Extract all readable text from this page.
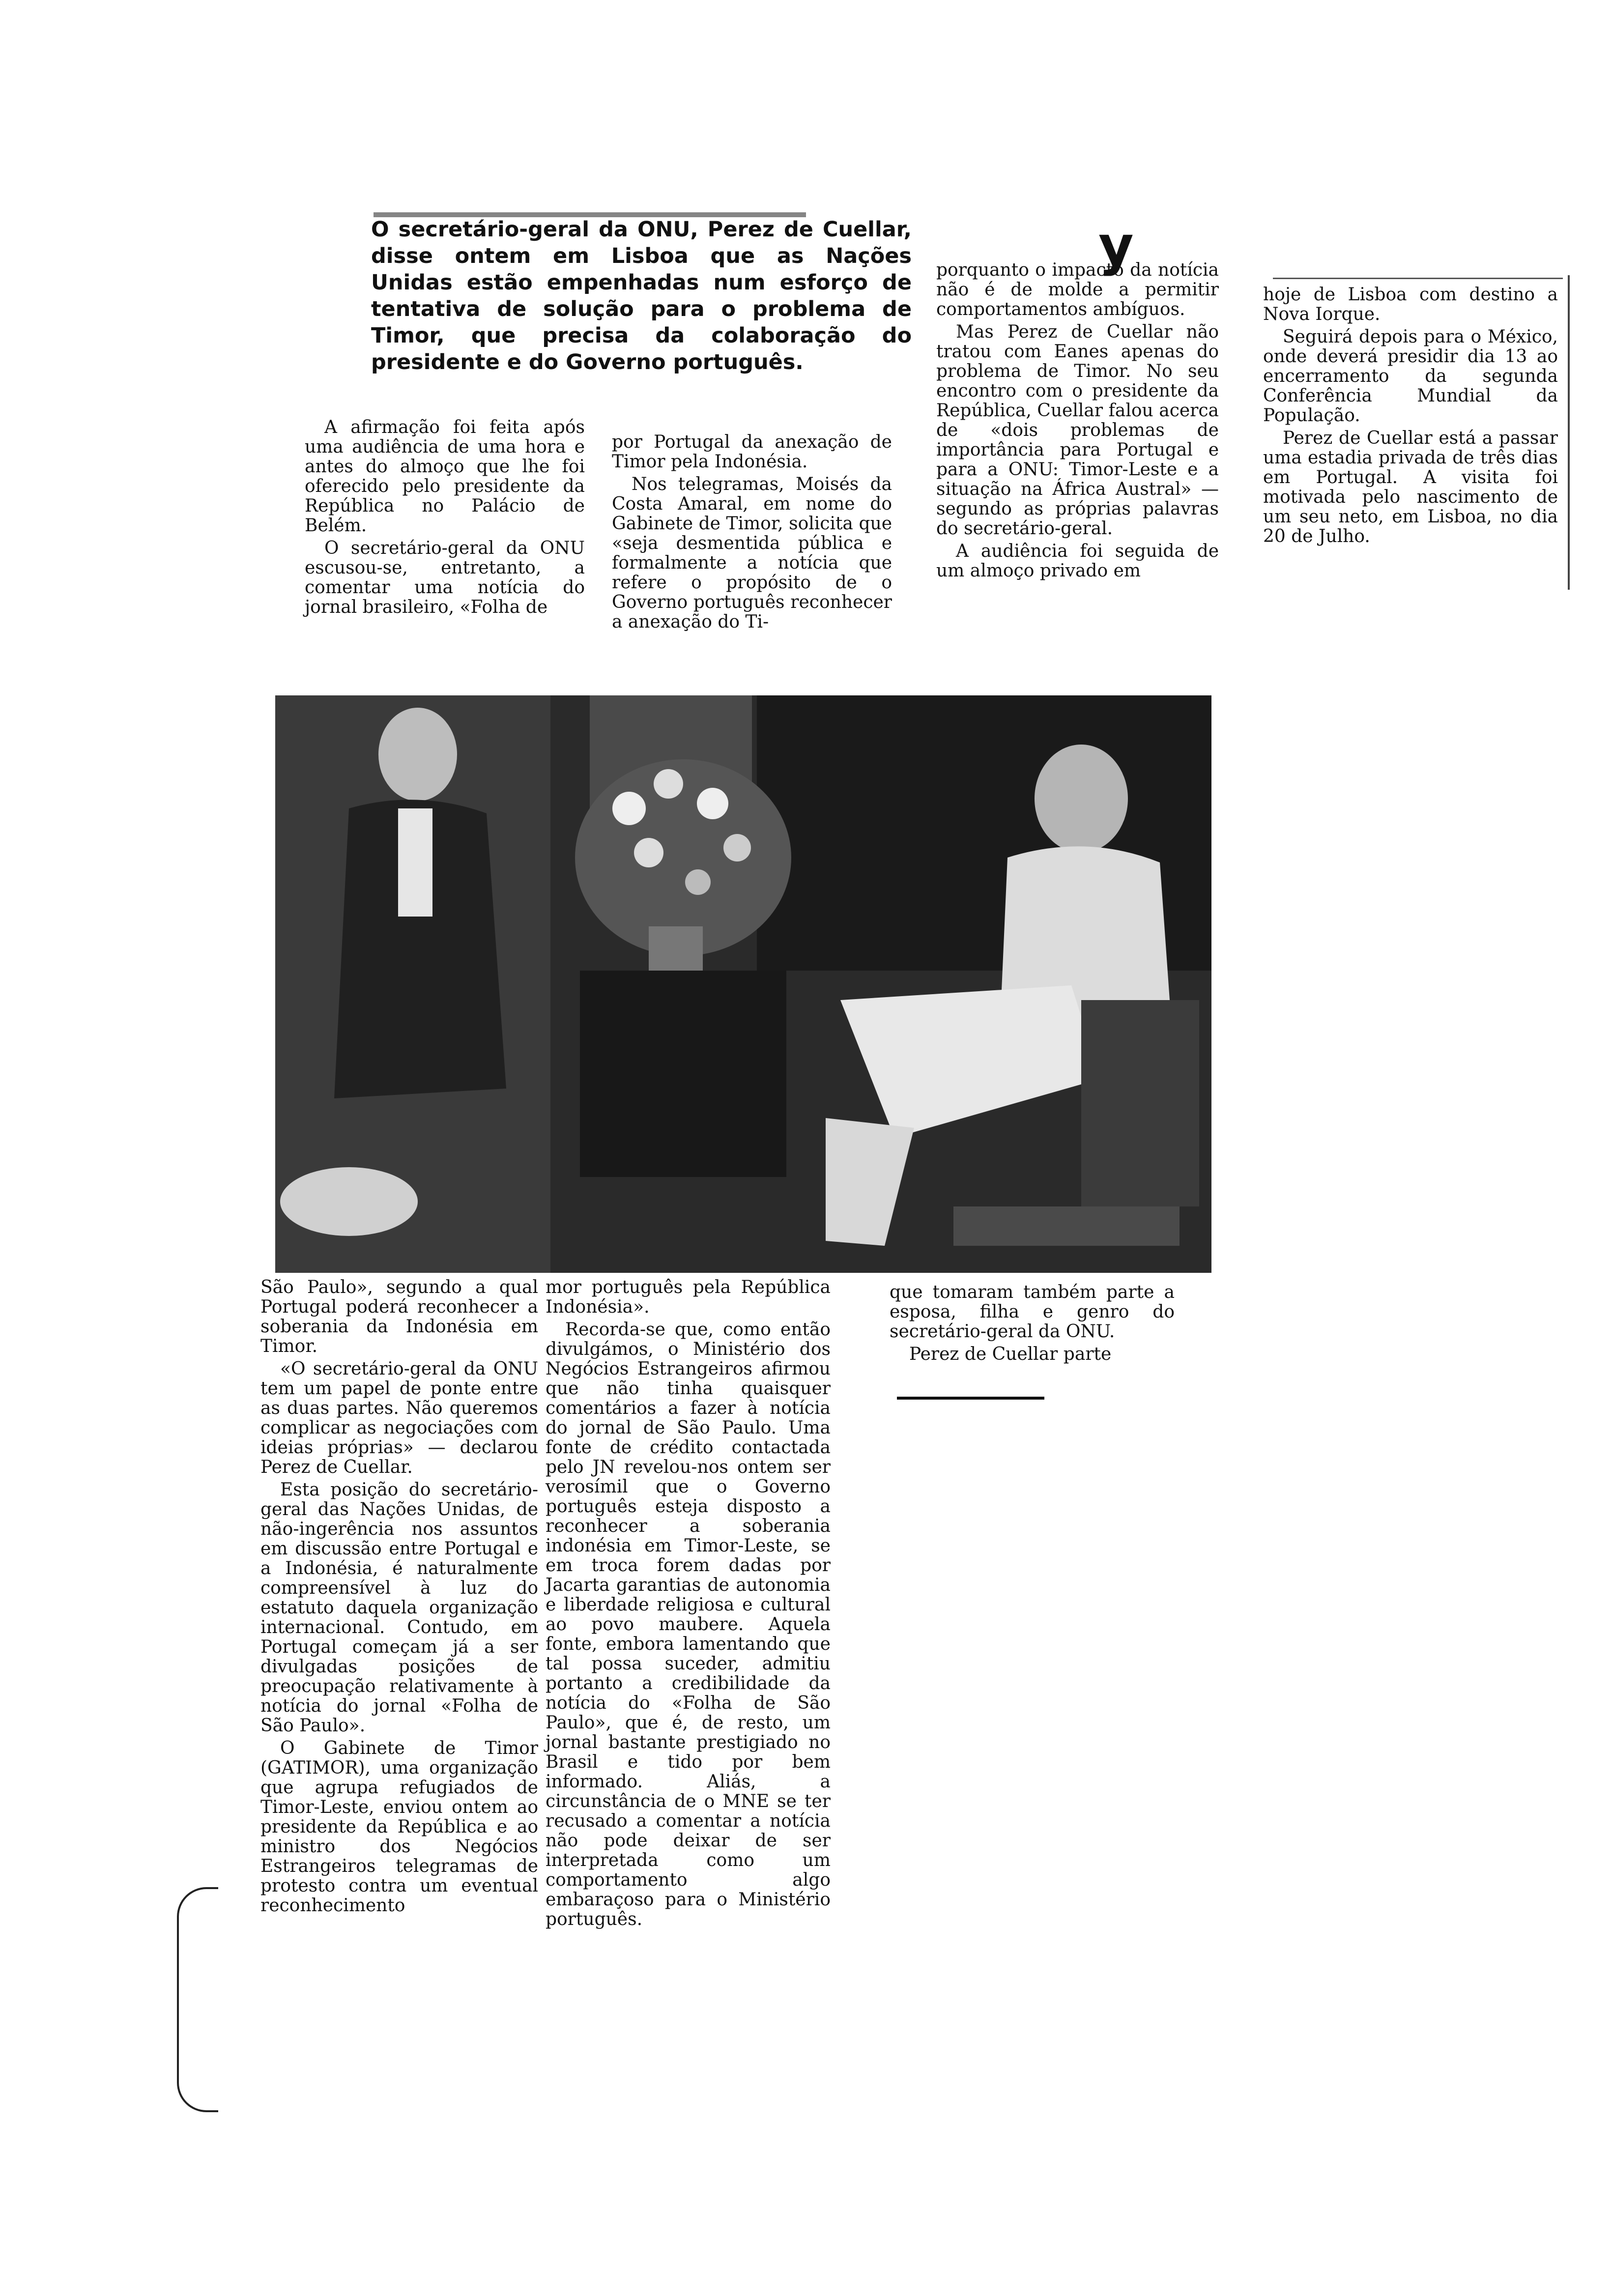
O secretário-geral da ONU, Perez de Cuellar, disse ontem em Lisboa que as Nações Unidas estão empenhadas num esforço de tentativa de solução para o problema de Timor, que precisa da colaboração do presidente e do Governo português.

y

A afirmação foi feita após uma audiência de uma hora e antes do almoço que lhe foi oferecido pelo presidente da República no Palácio de Belém.

O secretário-geral da ONU escusou-se, entretanto, a comentar uma notícia do jornal brasileiro, «Folha de

por Portugal da anexação de Timor pela Indonésia.

Nos telegramas, Moisés da Costa Amaral, em nome do Gabinete de Timor, solicita que «seja desmentida pública e formalmente a notícia que refere o propósito de o Governo português reconhecer a anexação do Ti-

porquanto o impacto da notícia não é de molde a permitir comportamentos ambíguos.

Mas Perez de Cuellar não tratou com Eanes apenas do problema de Timor. No seu encontro com o presidente da República, Cuellar falou acerca de «dois problemas de importância para Portugal e para a ONU: Timor-Leste e a situação na África Austral» — segundo as próprias palavras do secretário-geral.

A audiência foi seguida de um almoço privado em

hoje de Lisboa com destino a Nova Iorque.

Seguirá depois para o México, onde deverá presidir dia 13 ao encerramento da segunda Conferência Mundial da População.

Perez de Cuellar está a passar uma estadia privada de três dias em Portugal. A visita foi motivada pelo nascimento de um seu neto, em Lisboa, no dia 20 de Julho.

São Paulo», segundo a qual Portugal poderá reconhecer a soberania da Indonésia em Timor.

«O secretário-geral da ONU tem um papel de ponte entre as duas partes. Não queremos complicar as negociações com ideias próprias» — declarou Perez de Cuellar.

Esta posição do secretário-geral das Nações Unidas, de não-ingerência nos assuntos em discussão entre Portugal e a Indonésia, é naturalmente compreensível à luz do estatuto daquela organização internacional. Contudo, em Portugal começam já a ser divulgadas posições de preocupação relativamente à notícia do jornal «Folha de São Paulo».

O Gabinete de Timor (GATIMOR), uma organização que agrupa refugiados de Timor-Leste, enviou ontem ao presidente da República e ao ministro dos Negócios Estrangeiros telegramas de protesto contra um eventual reconhecimento

mor português pela República Indonésia».

Recorda-se que, como então divulgámos, o Ministério dos Negócios Estrangeiros afirmou que não tinha quaisquer comentários a fazer à notícia do jornal de São Paulo. Uma fonte de crédito contactada pelo JN revelou-nos ontem ser verosímil que o Governo português esteja disposto a reconhecer a soberania indonésia em Timor-Leste, se em troca forem dadas por Jacarta garantias de autonomia e liberdade religiosa e cultural ao povo maubere. Aquela fonte, embora lamentando que tal possa suceder, admitiu portanto a credibilidade da notícia do «Folha de São Paulo», que é, de resto, um jornal bastante prestigiado no Brasil e tido por bem informado. Aliás, a circunstância de o MNE se ter recusado a comentar a notícia não pode deixar de ser interpretada como um comportamento algo embaraçoso para o Ministério português.

que tomaram também parte a esposa, filha e genro do secretário-geral da ONU.

Perez de Cuellar parte
